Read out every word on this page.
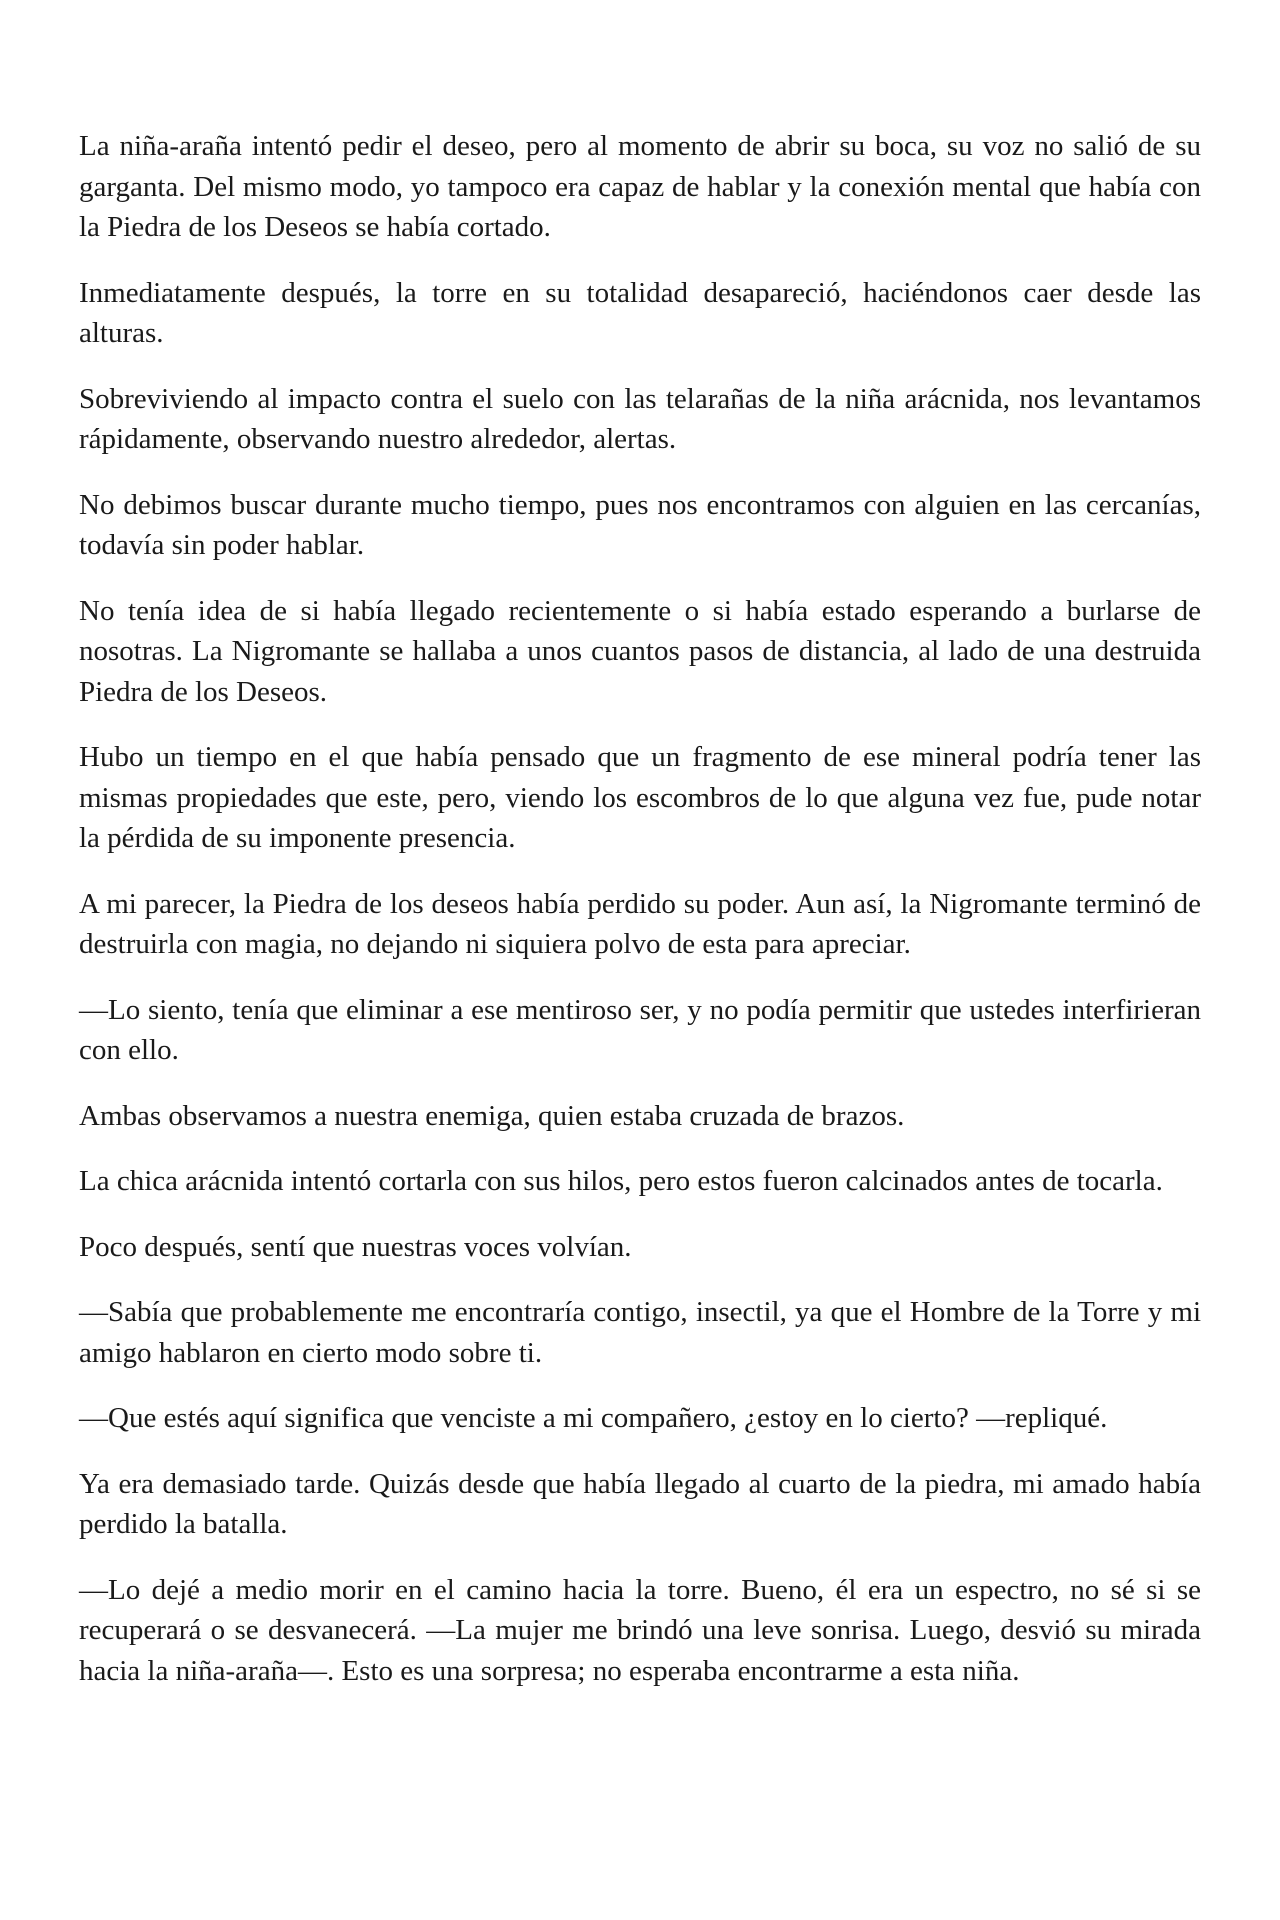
La niña-araña intentó pedir el deseo, pero al momento de abrir su boca, su voz no salió de su garganta. Del mismo modo, yo tampoco era capaz de hablar y la conexión mental que había con la Piedra de los Deseos se había cortado.

Inmediatamente después, la torre en su totalidad desapareció, haciéndonos caer desde las alturas.

Sobreviviendo al impacto contra el suelo con las telarañas de la niña arácnida, nos levantamos rápidamente, observando nuestro alrededor, alertas.

No debimos buscar durante mucho tiempo, pues nos encontramos con alguien en las cercanías, todavía sin poder hablar.

No tenía idea de si había llegado recientemente o si había estado esperando a burlarse de nosotras. La Nigromante se hallaba a unos cuantos pasos de distancia, al lado de una destruida Piedra de los Deseos.

Hubo un tiempo en el que había pensado que un fragmento de ese mineral podría tener las mismas propiedades que este, pero, viendo los escombros de lo que alguna vez fue, pude notar la pérdida de su imponente presencia.

A mi parecer, la Piedra de los deseos había perdido su poder. Aun así, la Nigromante terminó de destruirla con magia, no dejando ni siquiera polvo de esta para apreciar.

—Lo siento, tenía que eliminar a ese mentiroso ser, y no podía permitir que ustedes interfirieran con ello.

Ambas observamos a nuestra enemiga, quien estaba cruzada de brazos.

La chica arácnida intentó cortarla con sus hilos, pero estos fueron calcinados antes de tocarla.

Poco después, sentí que nuestras voces volvían.

—Sabía que probablemente me encontraría contigo, insectil, ya que el Hombre de la Torre y mi amigo hablaron en cierto modo sobre ti.

—Que estés aquí significa que venciste a mi compañero, ¿estoy en lo cierto? —repliqué.

Ya era demasiado tarde. Quizás desde que había llegado al cuarto de la piedra, mi amado había perdido la batalla.

—Lo dejé a medio morir en el camino hacia la torre. Bueno, él era un espectro, no sé si se recuperará o se desvanecerá. —La mujer me brindó una leve sonrisa. Luego, desvió su mirada hacia la niña-araña—. Esto es una sorpresa; no esperaba encontrarme a esta niña.
